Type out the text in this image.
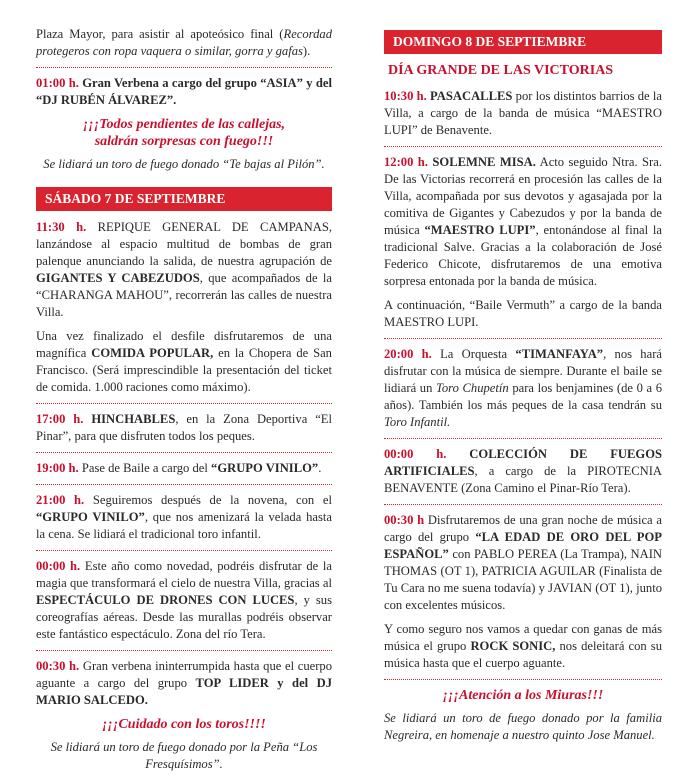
Plaza Mayor, para asistir al apoteósico final (Recordad protegeros con ropa vaquera o similar, gorra y gafas).

01:00 h. Gran Verbena a cargo del grupo “ASIA” y del “DJ RUBÉN ÁLVAREZ”.

¡¡¡Todos pendientes de las callejas, saldrán sorpresas con fuego!!!

Se lidiará un toro de fuego donado “Te bajas al Pilón”.

SÁBADO 7 DE SEPTIEMBRE

11:30 h. REPIQUE GENERAL DE CAMPANAS, lanzándose al espacio multitud de bombas de gran palenque anunciando la salida, de nuestra agrupación de GIGANTES Y CABEZUDOS, que acompañados de la “CHARANGA MAHOU”, recorrerán las calles de nuestra Villa.

Una vez finalizado el desfile disfrutaremos de una magnífica COMIDA POPULAR, en la Chopera de San Francisco. (Será imprescindible la presentación del ticket de comida. 1.000 raciones como máximo).

17:00 h. HINCHABLES, en la Zona Deportiva “El Pinar”, para que disfruten todos los peques.

19:00 h. Pase de Baile a cargo del “GRUPO VINILO”.

21:00 h. Seguiremos después de la novena, con el “GRUPO VINILO”, que nos amenizará la velada hasta la cena. Se lidiará el tradicional toro infantil.

00:00 h. Este año como novedad, podréis disfrutar de la magia que transformará el cielo de nuestra Villa, gracias al ESPECTÁCULO DE DRONES CON LUCES, y sus coreografías aéreas. Desde las murallas podréis observar este fantástico espectáculo. Zona del río Tera.

00:30 h. Gran verbena ininterrumpida hasta que el cuerpo aguante a cargo del grupo TOP LIDER y del DJ MARIO SALCEDO.

¡¡¡Cuidado con los toros!!!!

Se lidiará un toro de fuego donado por la Peña “Los Fresquísimos”.

DOMINGO 8 DE SEPTIEMBRE
DÍA GRANDE DE LAS VICTORIAS

10:30 h. PASACALLES por los distintos barrios de la Villa, a cargo de la banda de música “MAESTRO LUPI” de Benavente.

12:00 h. SOLEMNE MISA. Acto seguido Ntra. Sra. De las Victorias recorrerá en procesión las calles de la Villa, acompañada por sus devotos y agasajada por la comitiva de Gigantes y Cabezudos y por la banda de música “MAESTRO LUPI”, entonándose al final la tradicional Salve. Gracias a la colaboración de José Federico Chicote, disfrutaremos de una emotiva sorpresa entonada por la banda de música.

A continuación, “Baile Vermuth” a cargo de la banda MAESTRO LUPI.

20:00 h. La Orquesta “TIMANFAYA”, nos hará disfrutar con la música de siempre. Durante el baile se lidiará un Toro Chupetín para los benjamines (de 0 a 6 años). También los más peques de la casa tendrán su Toro Infantil.

00:00 h. COLECCIÓN DE FUEGOS ARTIFICIALES, a cargo de la PIROTECNIA BENAVENTE (Zona Camino el Pinar-Río Tera).

00:30 h Disfrutaremos de una gran noche de música a cargo del grupo “LA EDAD DE ORO DEL POP ESPAÑOL” con PABLO PEREA (La Trampa), NAIN THOMAS (OT 1), PATRICIA AGUILAR (Finalista de Tu Cara no me suena todavía) y JAVIAN (OT 1), junto con excelentes músicos.

Y como seguro nos vamos a quedar con ganas de más música el grupo ROCK SONIC, nos deleitará con su música hasta que el cuerpo aguante.

¡¡¡Atención a los Miuras!!!

Se lidiará un toro de fuego donado por la familia Negreira, en homenaje a nuestro quinto Jose Manuel.
